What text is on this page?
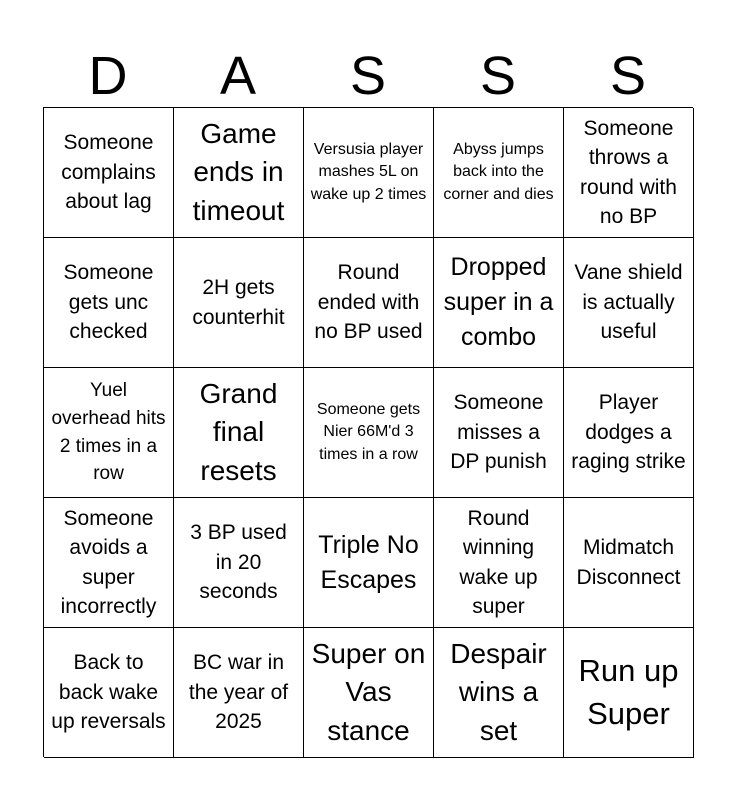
D	A	S	S	S
Someone complains about lag
Game ends in timeout
Versusia player mashes 5L on wake up 2 times
Abyss jumps back into the corner and dies
Someone throws a round with no BP
Someone gets unc checked
2H gets counterhit
Round ended with no BP used
Dropped super in a combo
Vane shield is actually useful
Yuel overhead hits 2 times in a row
Grand final resets
Someone gets Nier 66M'd 3 times in a row
Someone misses a DP punish
Player dodges a raging strike
Someone avoids a super incorrectly
3 BP used in 20 seconds
Triple No Escapes
Round winning wake up super
Midmatch Disconnect
Back to back wake up reversals
BC war in the year of 2025
Super on Vas stance
Despair wins a set
Run up Super
